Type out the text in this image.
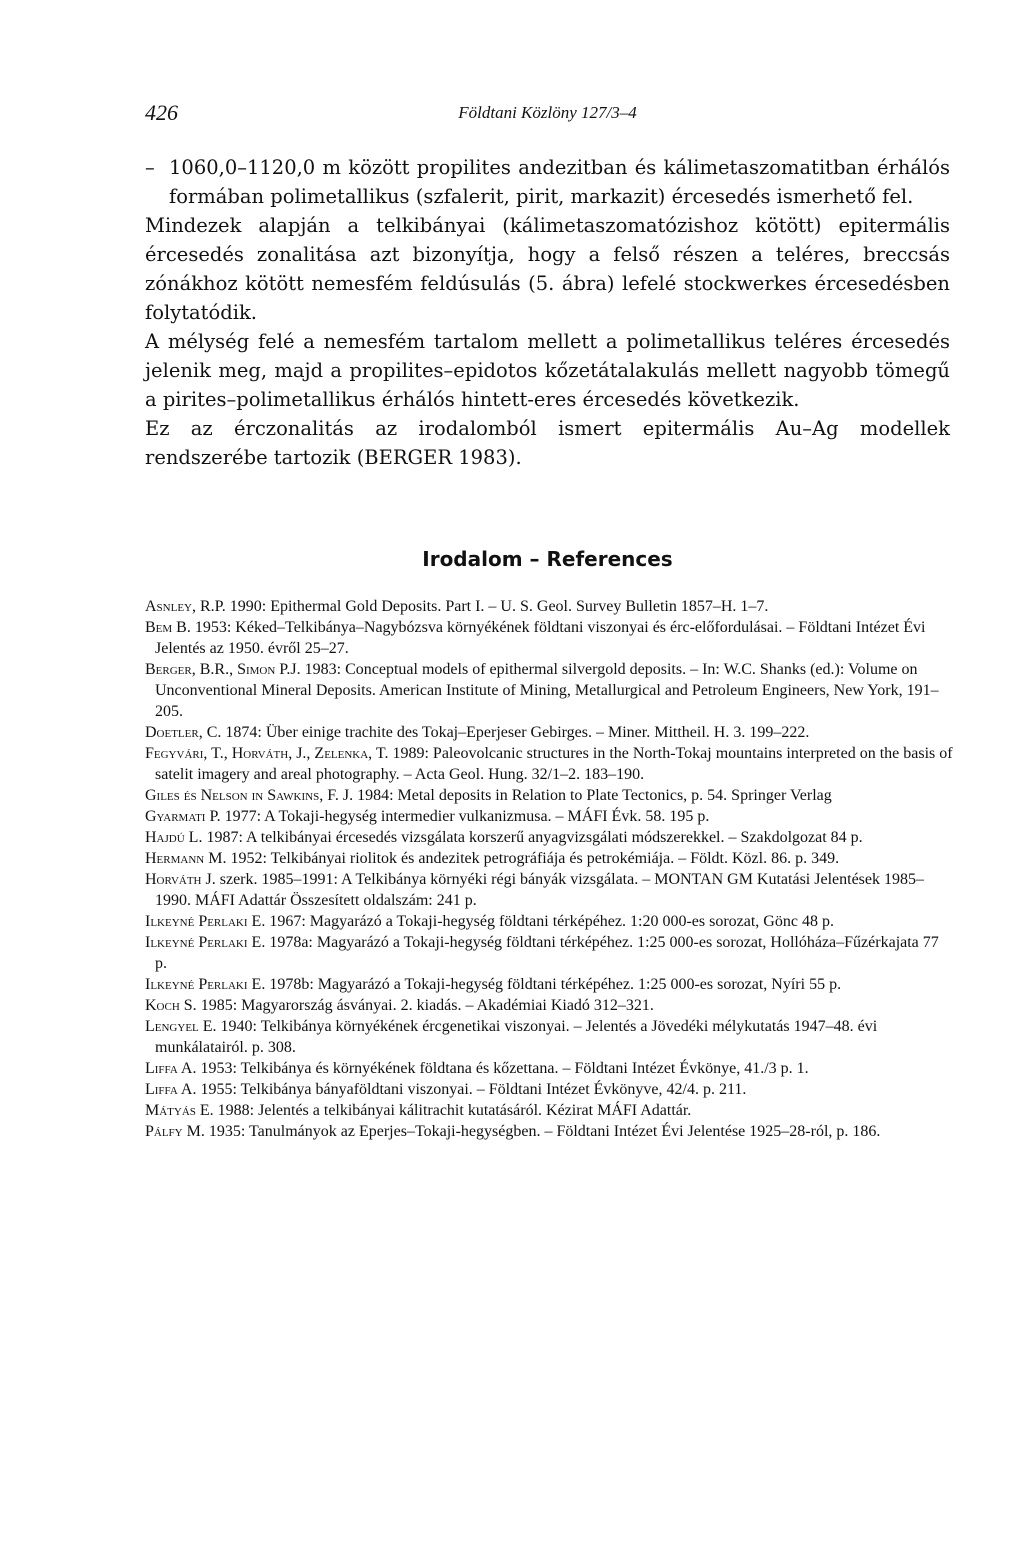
426	Földtani Közlöny 127/3–4

– 1060,0–1120,0 m között propilites andezitban és kálimetaszomatitban érhálós formában polimetallikus (szfalerit, pirit, markazit) ércesedés ismerhető fel.

Mindezek alapján a telkibányai (kálimetaszomatózishoz kötött) epitermális ércesedés zonalitása azt bizonyítja, hogy a felső részen a teléres, breccsás zónákhoz kötött nemesfém feldúsulás (5. ábra) lefelé stockwerkes ércesedésben folytatódik.

A mélység felé a nemesfém tartalom mellett a polimetallikus teléres ércesedés jelenik meg, majd a propilites–epidotos kőzetátalakulás mellett nagyobb tömegű a pirites–polimetallikus érhálós hintett-eres ércesedés következik.

Ez az érczonalitás az irodalomból ismert epitermális Au–Ag modellek rendszerébe tartozik (BERGER 1983).

Irodalom – References

Asnley, R.P. 1990: Epithermal Gold Deposits. Part I. – U. S. Geol. Survey Bulletin 1857–H. 1–7.

Bem B. 1953: Kéked–Telkibánya–Nagybózsva környékének földtani viszonyai és érc-előfordulásai. – Földtani Intézet Évi Jelentés az 1950. évről 25–27.

Berger, B.R., Simon P.J. 1983: Conceptual models of epithermal silvergold deposits. – In: W.C. Shanks (ed.): Volume on Unconventional Mineral Deposits. American Institute of Mining, Metallurgical and Petroleum Engineers, New York, 191–205.

Doetler, C. 1874: Über einige trachite des Tokaj–Eperjeser Gebirges. – Miner. Mittheil. H. 3. 199–222.

Fegyvári, T., Horváth, J., Zelenka, T. 1989: Paleovolcanic structures in the North-Tokaj mountains interpreted on the basis of satelit imagery and areal photography. – Acta Geol. Hung. 32/1–2. 183–190.

Giles és Nelson in Sawkins, F. J. 1984: Metal deposits in Relation to Plate Tectonics, p. 54. Springer Verlag

Gyarmati P. 1977: A Tokaji-hegység intermedier vulkanizmusa. – MÁFI Évk. 58. 195 p.

Hajdú L. 1987: A telkibányai ércesedés vizsgálata korszerű anyagvizsgálati módszerekkel. – Szakdolgozat 84 p.

Hermann M. 1952: Telkibányai riolitok és andezitek petrográfiája és petrokémiája. – Földt. Közl. 86. p. 349.

Horváth J. szerk. 1985–1991: A Telkibánya környéki régi bányák vizsgálata. – MONTAN GM Kutatási Jelentések 1985–1990. MÁFI Adattár Összesített oldalszám: 241 p.

Ilkeyné Perlaki E. 1967: Magyarázó a Tokaji-hegység földtani térképéhez. 1:20 000-es sorozat, Gönc 48 p.

Ilkeyné Perlaki E. 1978a: Magyarázó a Tokaji-hegység földtani térképéhez. 1:25 000-es sorozat, Hollóháza–Fűzérkajata 77 p.

Ilkeyné Perlaki E. 1978b: Magyarázó a Tokaji-hegység földtani térképéhez. 1:25 000-es sorozat, Nyíri 55 p.

Koch S. 1985: Magyarország ásványai. 2. kiadás. – Akadémiai Kiadó 312–321.

Lengyel E. 1940: Telkibánya környékének ércgenetikai viszonyai. – Jelentés a Jövedéki mélykutatás 1947–48. évi munkálatairól. p. 308.

Liffa A. 1953: Telkibánya és környékének földtana és kőzettana. – Földtani Intézet Évkönye, 41./3 p. 1.

Liffa A. 1955: Telkibánya bányaföldtani viszonyai. – Földtani Intézet Évkönyve, 42/4. p. 211.

Mátyás E. 1988: Jelentés a telkibányai kálitrachit kutatásáról. Kézirat MÁFI Adattár.

Pálfy M. 1935: Tanulmányok az Eperjes–Tokaji-hegységben. – Földtani Intézet Évi Jelentése 1925–28-ról, p. 186.
